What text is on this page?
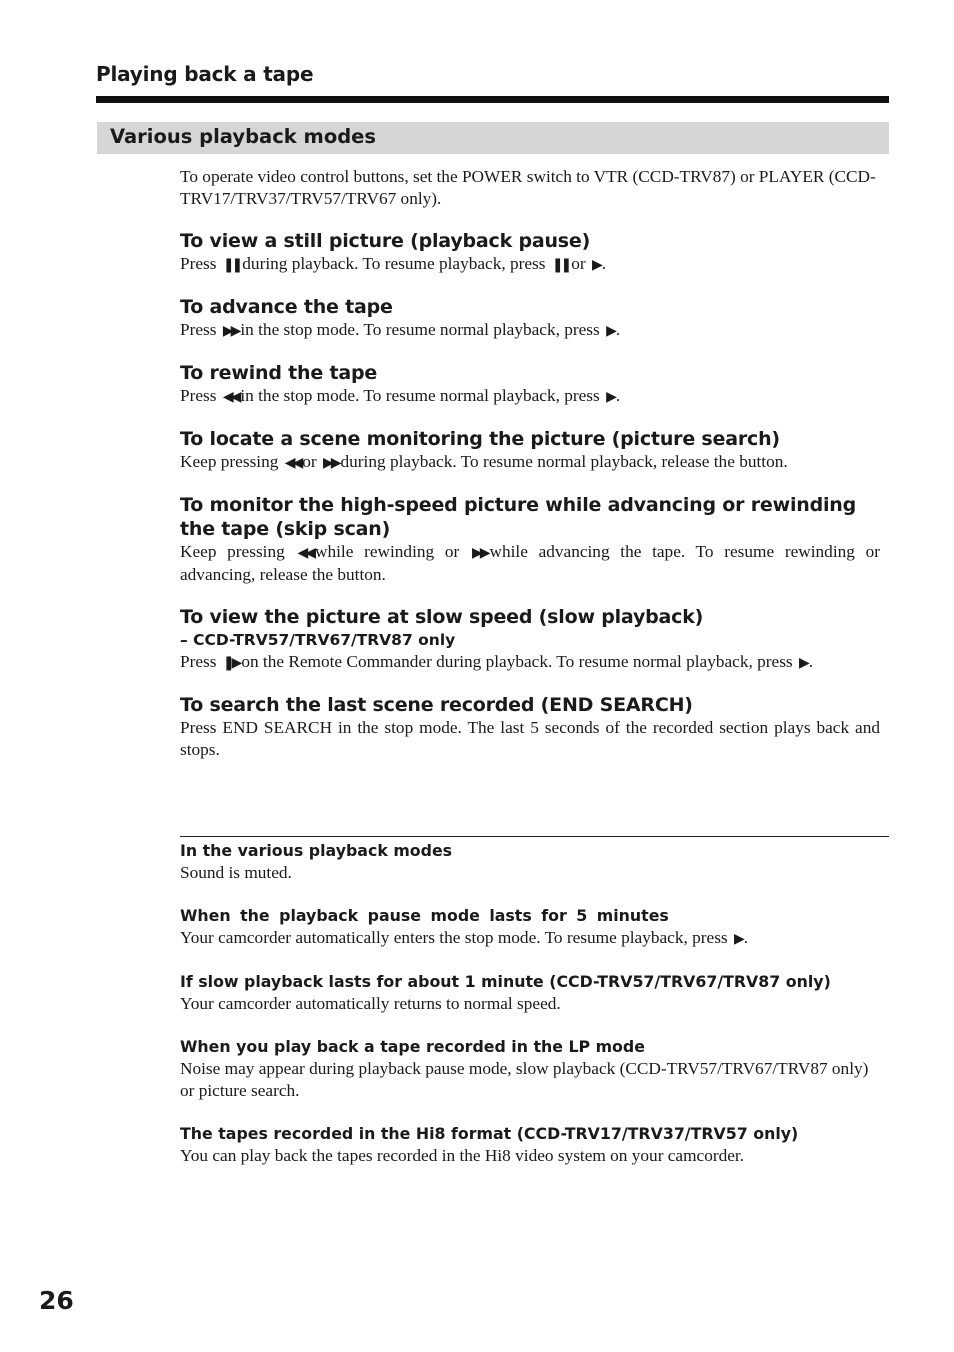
Playing back a tape
Various playback modes

To operate video control buttons, set the POWER switch to VTR (CCD-TRV87) or PLAYER (CCD-TRV17/TRV37/TRV57/TRV67 only).

To view a still picture (playback pause)

Press ❚❚ during playback. To resume playback, press ❚❚ or ▶ .

To advance the tape

Press ▶▶ in the stop mode. To resume normal playback, press ▶ .

To rewind the tape

Press ◀◀ in the stop mode. To resume normal playback, press ▶ .

To locate a scene monitoring the picture (picture search)

Keep pressing ◀◀ or ▶▶ during playback. To resume normal playback, release the button.

To monitor the high-speed picture while advancing or rewinding the tape (skip scan)

Keep pressing ◀◀ while rewinding or ▶▶ while advancing the tape. To resume rewinding or advancing, release the button.

To view the picture at slow speed (slow playback)
– CCD-TRV57/TRV67/TRV87 only

Press ❚▶ on the Remote Commander during playback. To resume normal playback, press ▶ .

To search the last scene recorded (END SEARCH)

Press END SEARCH in the stop mode. The last 5 seconds of the recorded section plays back and stops.

In the various playback modes

Sound is muted.

When the playback pause mode lasts for 5 minutes

Your camcorder automatically enters the stop mode. To resume playback, press ▶ .

If slow playback lasts for about 1 minute (CCD-TRV57/TRV67/TRV87 only)

Your camcorder automatically returns to normal speed.

When you play back a tape recorded in the LP mode

Noise may appear during playback pause mode, slow playback (CCD-TRV57/TRV67/TRV87 only) or picture search.

The tapes recorded in the Hi8 format (CCD-TRV17/TRV37/TRV57 only)

You can play back the tapes recorded in the Hi8 video system on your camcorder.

26
